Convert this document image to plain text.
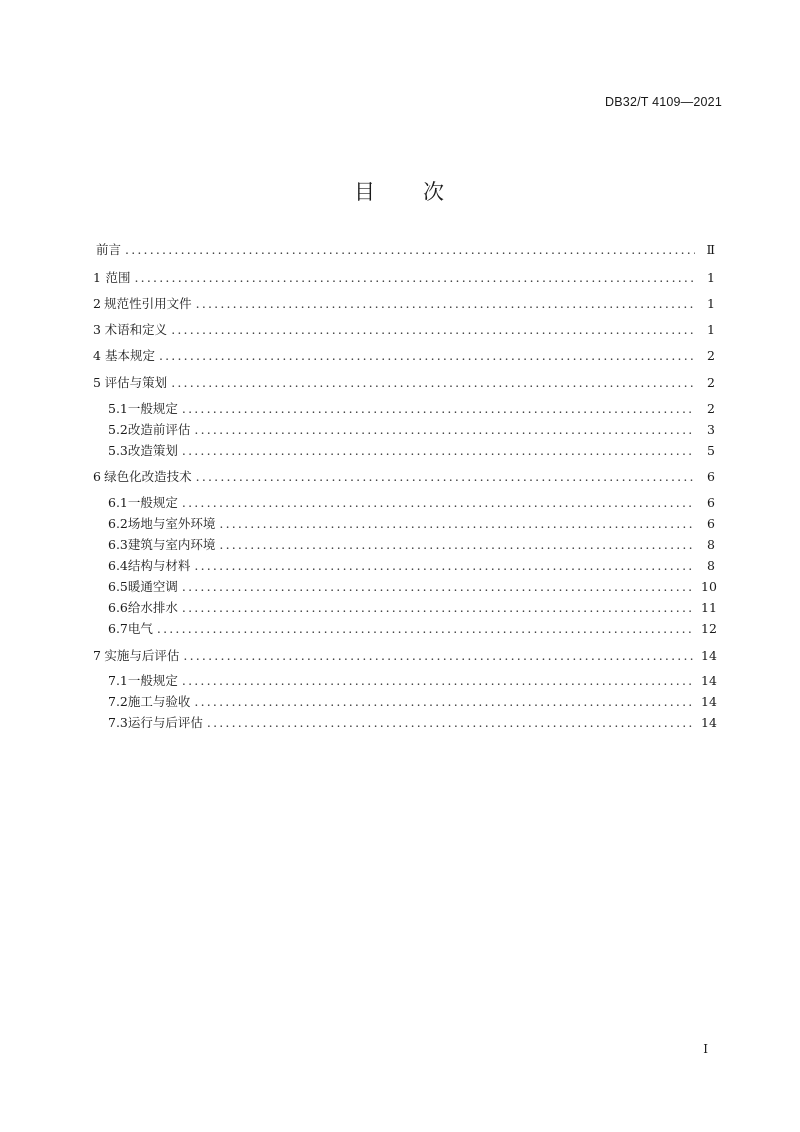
DB32/T 4109—2021
目　　次
前言 .....	Ⅱ
1 范围 .....	1
2 规范性引用文件 .....	1
3 术语和定义 .....	1
4 基本规定 .....	2
5 评估与策划 .....	2
5.1 一般规定 .....	2
5.2 改造前评估 .....	3
5.3 改造策划 .....	5
6 绿色化改造技术 .....	6
6.1 一般规定 .....	6
6.2 场地与室外环境 .....	6
6.3 建筑与室内环境 .....	8
6.4 结构与材料 .....	8
6.5 暖通空调 .....	10
6.6 给水排水 .....	11
6.7 电气 .....	12
7 实施与后评估 .....	14
7.1 一般规定 .....	14
7.2 施工与验收 .....	14
7.3 运行与后评估 .....	14
I
